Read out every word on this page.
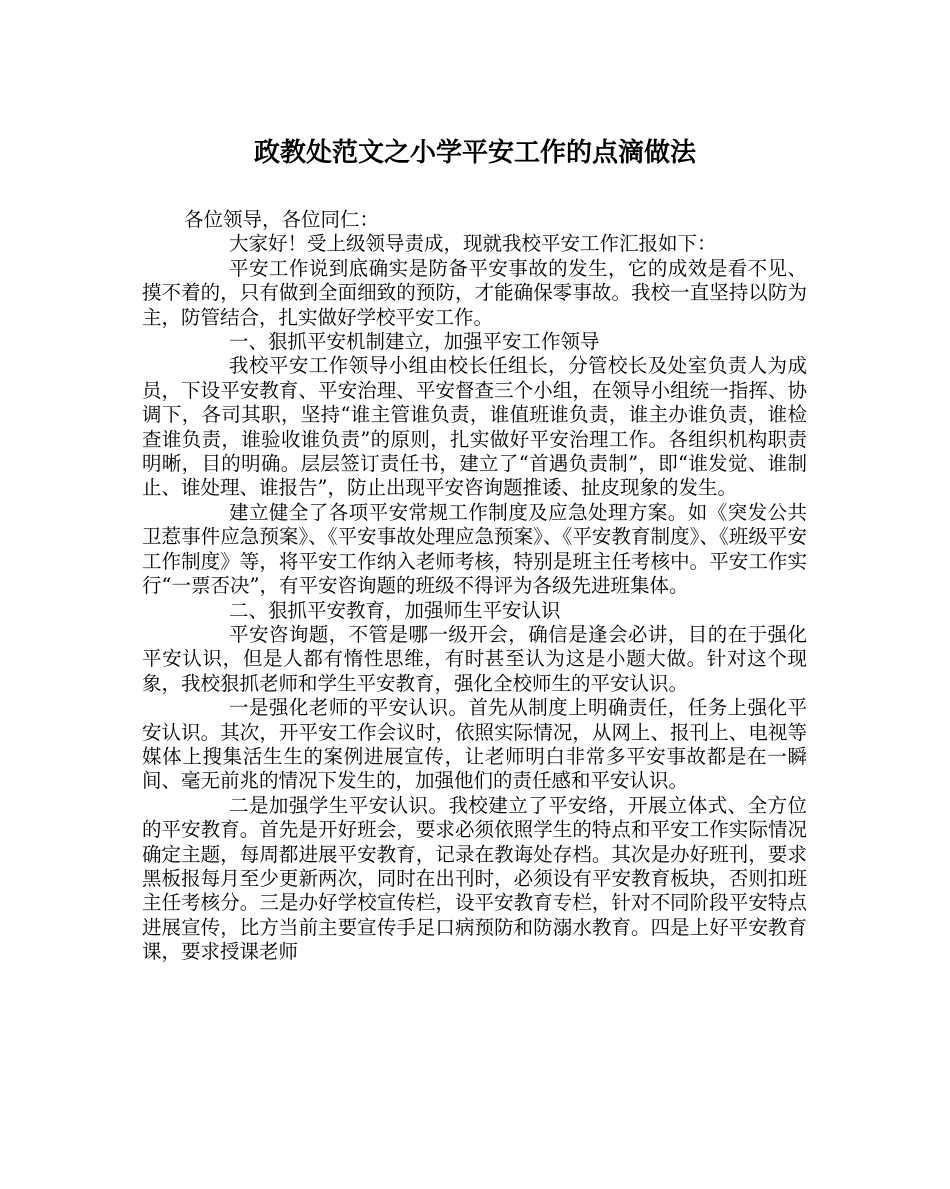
政教处范文之小学平安工作的点滴做法

各位领导，各位同仁：

大家好！受上级领导责成，现就我校平安工作汇报如下：

平安工作说到底确实是防备平安事故的发生，它的成效是看不见、摸不着的，只有做到全面细致的预防，才能确保零事故。我校一直坚持以防为主，防管结合，扎实做好学校平安工作。

一、狠抓平安机制建立，加强平安工作领导

我校平安工作领导小组由校长任组长，分管校长及处室负责人为成员，下设平安教育、平安治理、平安督查三个小组，在领导小组统一指挥、协调下，各司其职，坚持“谁主管谁负责，谁值班谁负责，谁主办谁负责，谁检查谁负责，谁验收谁负责”的原则，扎实做好平安治理工作。各组织机构职责明晰，目的明确。层层签订责任书，建立了“首遇负责制”，即“谁发觉、谁制止、谁处理、谁报告”，防止出现平安咨询题推诿、扯皮现象的发生。

建立健全了各项平安常规工作制度及应急处理方案。如《突发公共卫惹事件应急预案》、《平安事故处理应急预案》、《平安教育制度》、《班级平安工作制度》等，将平安工作纳入老师考核，特别是班主任考核中。平安工作实行“一票否决”，有平安咨询题的班级不得评为各级先进班集体。

二、狠抓平安教育，加强师生平安认识

平安咨询题，不管是哪一级开会，确信是逢会必讲，目的在于强化平安认识，但是人都有惰性思维，有时甚至认为这是小题大做。针对这个现象，我校狠抓老师和学生平安教育，强化全校师生的平安认识。

一是强化老师的平安认识。首先从制度上明确责任，任务上强化平安认识。其次，开平安工作会议时，依照实际情况，从网上、报刊上、电视等媒体上搜集活生生的案例进展宣传，让老师明白非常多平安事故都是在一瞬间、毫无前兆的情况下发生的，加强他们的责任感和平安认识。

二是加强学生平安认识。我校建立了平安络，开展立体式、全方位的平安教育。首先是开好班会，要求必须依照学生的特点和平安工作实际情况确定主题，每周都进展平安教育，记录在教诲处存档。其次是办好班刊，要求黑板报每月至少更新两次，同时在出刊时，必须设有平安教育板块，否则扣班主任考核分。三是办好学校宣传栏，设平安教育专栏，针对不同阶段平安特点进展宣传，比方当前主要宣传手足口病预防和防溺水教育。四是上好平安教育课，要求授课老师
